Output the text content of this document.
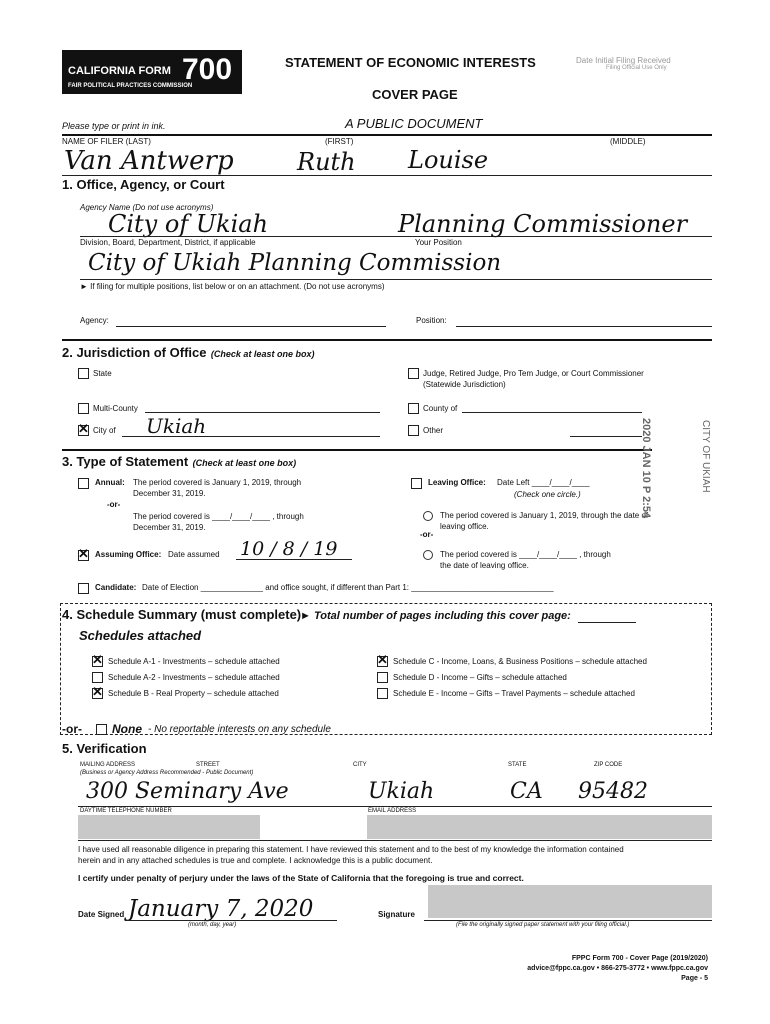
CALIFORNIA FORM 700
FAIR POLITICAL PRACTICES COMMISSION
STATEMENT OF ECONOMIC INTERESTS	Date Initial Filing Received
Filing Official Use Only
COVER PAGE
A PUBLIC DOCUMENT
Please type or print in ink.
NAME OF FILER (LAST)	(FIRST)	(MIDDLE)
Van Antwerp	Ruth Louise
1. Office, Agency, or Court
Agency Name (Do not use acronyms)
City of Ukiah
Division, Board, Department, District, if applicable
Planning Commissioner
Your Position
City of Ukiah Planning Commission
► If filing for multiple positions, list below or on an attachment. (Do not use acronyms)
Agency:	Position:
2. Jurisdiction of Office (Check at least one box)
State	Judge, Retired Judge, Pro Tem Judge, or Court Commissioner
(Statewide Jurisdiction)
Multi-County	County of
✕
City of Ukiah	Other
3. Type of Statement (Check at least one box)
Annual: The period covered is January 1, 2019, through
December 31, 2019.
-or-
The period covered is ____/____/____ , through
December 31, 2019.
Leaving Office: Date Left ____/____/____
(Check one circle.)
The period covered is January 1, 2019, through the date of
leaving office.
-or-
The period covered is ____/____/____ , through
the date of leaving office.
✕
Assuming Office: Date assumed 10 / 8 / 19
Candidate: Date of Election ______________ and office sought, if different than Part 1: ________________________________
4. Schedule Summary (must complete)
► Total number of pages including this cover page:
Schedules attached
✕
Schedule A-1 - Investments – schedule attached
Schedule A-2 - Investments – schedule attached
✕
Schedule B - Real Property – schedule attached
✕
Schedule C - Income, Loans, & Business Positions – schedule attached
Schedule D - Income – Gifts – schedule attached
Schedule E - Income – Gifts – Travel Payments – schedule attached
-or-	None - No reportable interests on any schedule
5. Verification
MAILING ADDRESS	STREET	CITY	STATE	ZIP CODE
(Business or Agency Address Recommended - Public Document)
300 Seminary Ave	Ukiah	CA 95482
DAYTIME TELEPHONE NUMBER	EMAIL ADDRESS
I have used all reasonable diligence in preparing this statement. I have reviewed this statement and to the best of my knowledge the information contained
herein and in any attached schedules is true and complete. I acknowledge this is a public document.
I certify under penalty of perjury under the laws of the State of California that the foregoing is true and correct.
Date Signed January 7, 2020
(month, day, year)
Signature
(File the originally signed paper statement with your filing official.)
FPPC Form 700 - Cover Page (2019/2020)
advice@fppc.ca.gov • 866-275-3772 • www.fppc.ca.gov
Page - 5
2020 JAN 10 P 2:54	CITY OF UKIAH
